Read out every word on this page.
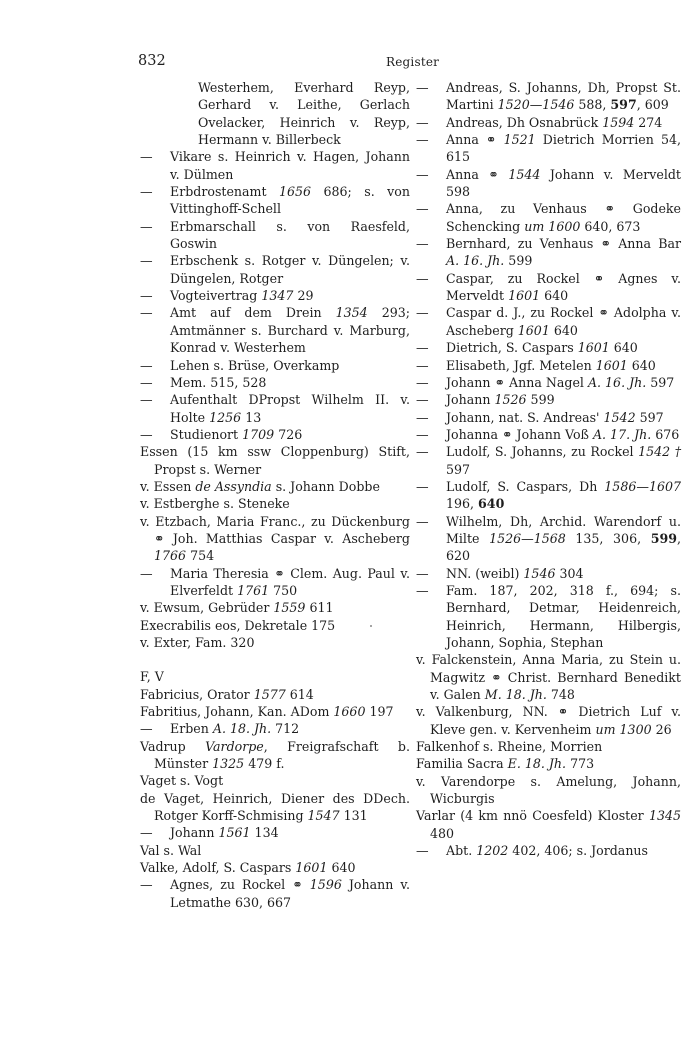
832	Register
Westerhem, Everhard Reyp, Gerhard v. Leithe, Gerlach Ovelacker, Heinrich v. Reyp, Hermann v. Billerbeck
— Vikare s. Heinrich v. Hagen, Johann v. Dülmen
— Erbdrostenamt 1656 686; s. von Vittinghoff-Schell
— Erbmarschall s. von Raesfeld, Goswin
— Erbschenk s. Rotger v. Düngelen; v. Düngelen, Rotger
— Vogteivertrag 1347 29
— Amt auf dem Drein 1354 293; Amtmänner s. Burchard v. Marburg, Konrad v. Westerhem
— Lehen s. Brüse, Overkamp
— Mem. 515, 528
— Aufenthalt DPropst Wilhelm II. v. Holte 1256 13
— Studienort 1709 726
Essen (15 km ssw Cloppenburg) Stift, Propst s. Werner
v. Essen de Assyndia s. Johann Dobbe
v. Estberghe s. Steneke
v. Etzbach, Maria Franc., zu Dückenburg ⚭ Joh. Matthias Caspar v. Ascheberg 1766 754
— Maria Theresia ⚭ Clem. Aug. Paul v. Elverfeldt 1761 750
v. Ewsum, Gebrüder 1559 611
Execrabilis eos, Dekretale 175
v. Exter, Fam. 320
F, V
Fabricius, Orator 1577 614
Fabritius, Johann, Kan. ADom 1660 197
— Erben A. 18. Jh. 712
Vadrup Vardorpe, Freigrafschaft b. Münster 1325 479 f.
Vaget s. Vogt
de Vaget, Heinrich, Diener des DDech. Rotger Korff-Schmising 1547 131
— Johann 1561 134
Val s. Wal
Valke, Adolf, S. Caspars 1601 640
— Agnes, zu Rockel ⚭ 1596 Johann v. Letmathe 630, 667
— Andreas, S. Johanns, Dh, Propst St. Martini 1520—1546 588, 597, 609
— Andreas, Dh Osnabrück 1594 274
— Anna ⚭ 1521 Dietrich Morrien 54, 615
— Anna ⚭ 1544 Johann v. Merveldt 598
— Anna, zu Venhaus ⚭ Godeke Schencking um 1600 640, 673
— Bernhard, zu Venhaus ⚭ Anna Bar A. 16. Jh. 599
— Caspar, zu Rockel ⚭ Agnes v. Merveldt 1601 640
— Caspar d. J., zu Rockel ⚭ Adolpha v. Ascheberg 1601 640
— Dietrich, S. Caspars 1601 640
— Elisabeth, Jgf. Metelen 1601 640
— Johann ⚭ Anna Nagel A. 16. Jh. 597
— Johann 1526 599
— Johann, nat. S. Andreas' 1542 597
— Johanna ⚭ Johann Voß A. 17. Jh. 676
— Ludolf, S. Johanns, zu Rockel 1542 † 597
— Ludolf, S. Caspars, Dh 1586—1607 196, 640
— Wilhelm, Dh, Archid. Warendorf u. Milte 1526—1568 135, 306, 599, 620
— NN. (weibl) 1546 304
— Fam. 187, 202, 318 f., 694; s. Bernhard, Detmar, Heidenreich, Heinrich, Hermann, Hilbergis, Johann, Sophia, Stephan
v. Falckenstein, Anna Maria, zu Stein u. Magwitz ⚭ Christ. Bernhard Benedikt v. Galen M. 18. Jh. 748
v. Valkenburg, NN. ⚭ Dietrich Luf v. Kleve gen. v. Kervenheim um 1300 26
Falkenhof s. Rheine, Morrien
Familia Sacra E. 18. Jh. 773
v. Varendorpe s. Amelung, Johann, Wicburgis
Varlar (4 km nnö Coesfeld) Kloster 1345 480
— Abt. 1202 402, 406; s. Jordanus
